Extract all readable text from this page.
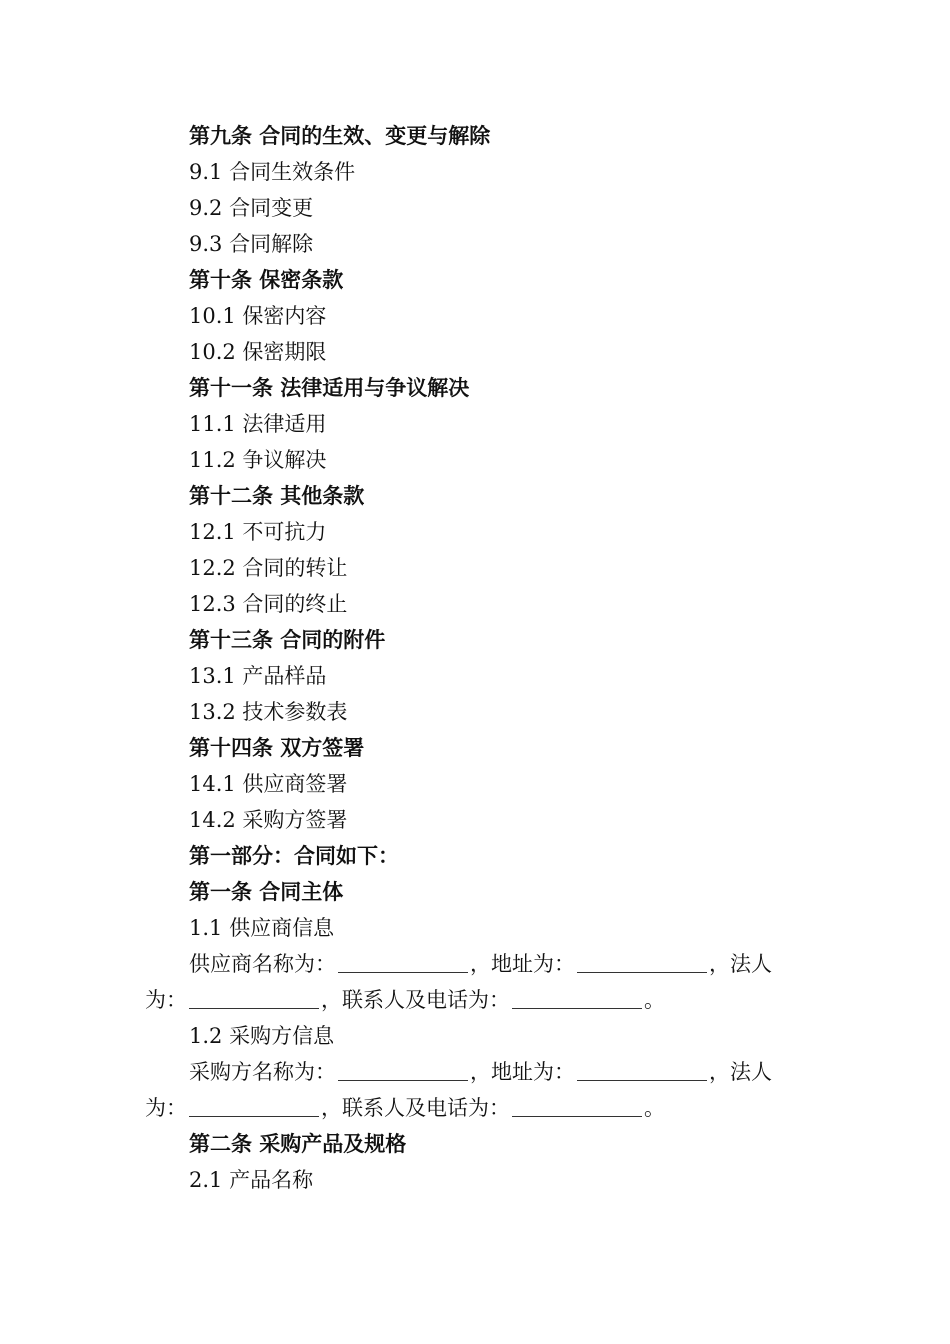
第九条 合同的生效、变更与解除
9.1 合同生效条件
9.2 合同变更
9.3 合同解除
第十条 保密条款
10.1 保密内容
10.2 保密期限
第十一条 法律适用与争议解决
11.1 法律适用
11.2 争议解决
第十二条 其他条款
12.1 不可抗力
12.2 合同的转让
12.3 合同的终止
第十三条 合同的附件
13.1 产品样品
13.2 技术参数表
第十四条 双方签署
14.1 供应商签署
14.2 采购方签署
第一部分：合同如下：
第一条 合同主体
1.1 供应商信息
供应商名称为：	，地址为：	，法人
为：	，联系人及电话为：	。
1.2 采购方信息
采购方名称为：	，地址为：	，法人
为：	，联系人及电话为：	。
第二条 采购产品及规格
2.1 产品名称
